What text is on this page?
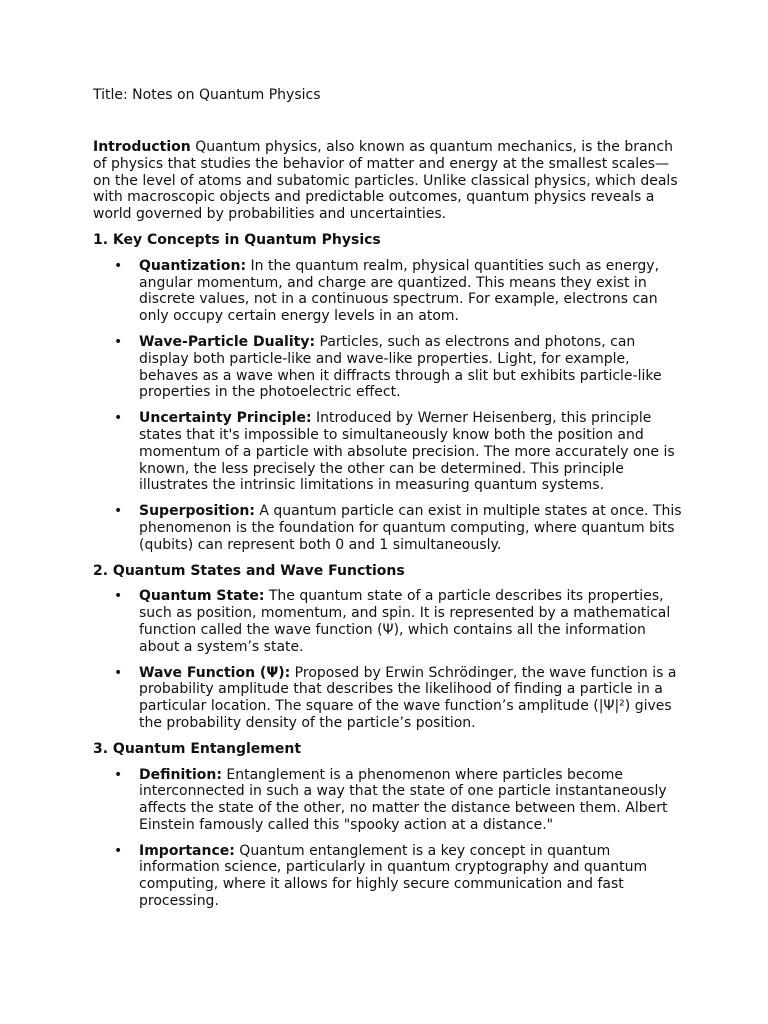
Title: Notes on Quantum Physics

Introduction Quantum physics, also known as quantum mechanics, is the branch of physics that studies the behavior of matter and energy at the smallest scales—on the level of atoms and subatomic particles. Unlike classical physics, which deals with macroscopic objects and predictable outcomes, quantum physics reveals a world governed by probabilities and uncertainties.

1. Key Concepts in Quantum Physics
• Quantization: In the quantum realm, physical quantities such as energy, angular momentum, and charge are quantized. This means they exist in discrete values, not in a continuous spectrum. For example, electrons can only occupy certain energy levels in an atom.
• Wave-Particle Duality: Particles, such as electrons and photons, can display both particle-like and wave-like properties. Light, for example, behaves as a wave when it diffracts through a slit but exhibits particle-like properties in the photoelectric effect.
• Uncertainty Principle: Introduced by Werner Heisenberg, this principle states that it's impossible to simultaneously know both the position and momentum of a particle with absolute precision. The more accurately one is known, the less precisely the other can be determined. This principle illustrates the intrinsic limitations in measuring quantum systems.
• Superposition: A quantum particle can exist in multiple states at once. This phenomenon is the foundation for quantum computing, where quantum bits (qubits) can represent both 0 and 1 simultaneously.
2. Quantum States and Wave Functions
• Quantum State: The quantum state of a particle describes its properties, such as position, momentum, and spin. It is represented by a mathematical function called the wave function (Ψ), which contains all the information about a system’s state.
• Wave Function (Ψ): Proposed by Erwin Schrödinger, the wave function is a probability amplitude that describes the likelihood of finding a particle in a particular location. The square of the wave function’s amplitude (|Ψ|²) gives the probability density of the particle’s position.
3. Quantum Entanglement
• Definition: Entanglement is a phenomenon where particles become interconnected in such a way that the state of one particle instantaneously affects the state of the other, no matter the distance between them. Albert Einstein famously called this "spooky action at a distance."
• Importance: Quantum entanglement is a key concept in quantum information science, particularly in quantum cryptography and quantum computing, where it allows for highly secure communication and fast processing.
